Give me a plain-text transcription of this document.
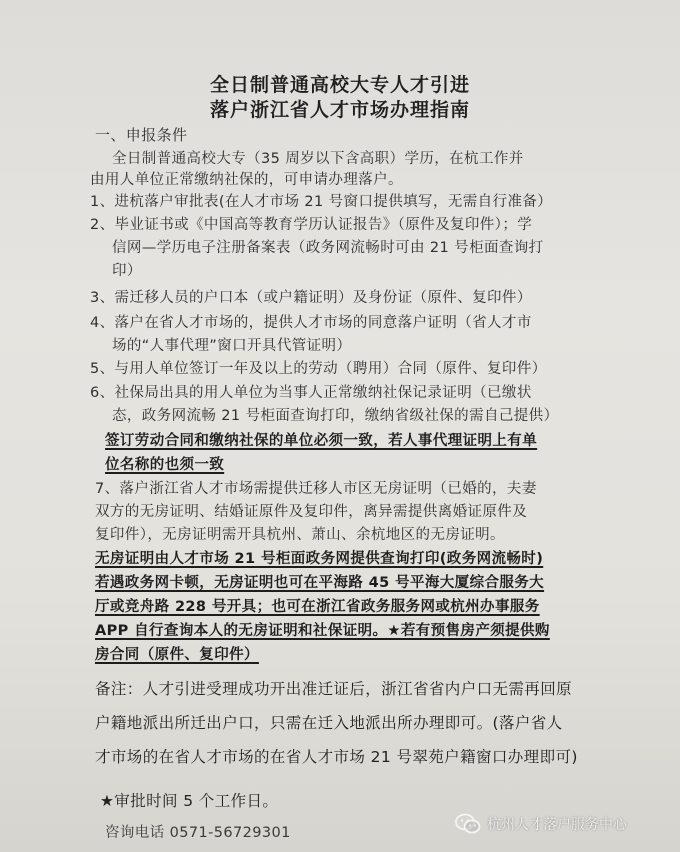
全日制普通高校大专人才引进
落户浙江省人才市场办理指南
一、申报条件
全日制普通高校大专（35 周岁以下含高职）学历，在杭工作并
由用人单位正常缴纳社保的，可申请办理落户。
1、进杭落户审批表(在人才市场 21 号窗口提供填写，无需自行准备）
2、毕业证书或《中国高等教育学历认证报告》（原件及复印件）；学
信网—学历电子注册备案表（政务网流畅时可由 21 号柜面查询打
印）
3、需迁移人员的户口本（或户籍证明）及身份证（原件、复印件）
4、落户在省人才市场的，提供人才市场的同意落户证明（省人才市
场的“人事代理”窗口开具代管证明）
5、与用人单位签订一年及以上的劳动（聘用）合同（原件、复印件）
6、社保局出具的用人单位为当事人正常缴纳社保记录证明（已缴状
态，政务网流畅 21 号柜面查询打印，缴纳省级社保的需自己提供）
签订劳动合同和缴纳社保的单位必须一致，若人事代理证明上有单
位名称的也须一致
7、落户浙江省人才市场需提供迁移人市区无房证明（已婚的，夫妻
双方的无房证明、结婚证原件及复印件，离异需提供离婚证原件及
复印件），无房证明需开具杭州、萧山、余杭地区的无房证明。
无房证明由人才市场 21 号柜面政务网提供查询打印(政务网流畅时)
若遇政务网卡顿，无房证明也可在平海路 45 号平海大厦综合服务大
厅或竞舟路 228 号开具；也可在浙江省政务服务网或杭州办事服务
APP 自行查询本人的无房证明和社保证明。★若有预售房产须提供购
房合同（原件、复印件）
备注：人才引进受理成功开出准迁证后，浙江省省内户口无需再回原
户籍地派出所迁出户口，只需在迁入地派出所办理即可。(落户省人
才市场的在省人才市场的在省人才市场 21 号翠苑户籍窗口办理即可)
★审批时间 5 个工作日。
咨询电话 0571-56729301	杭州人才落户服务中心
